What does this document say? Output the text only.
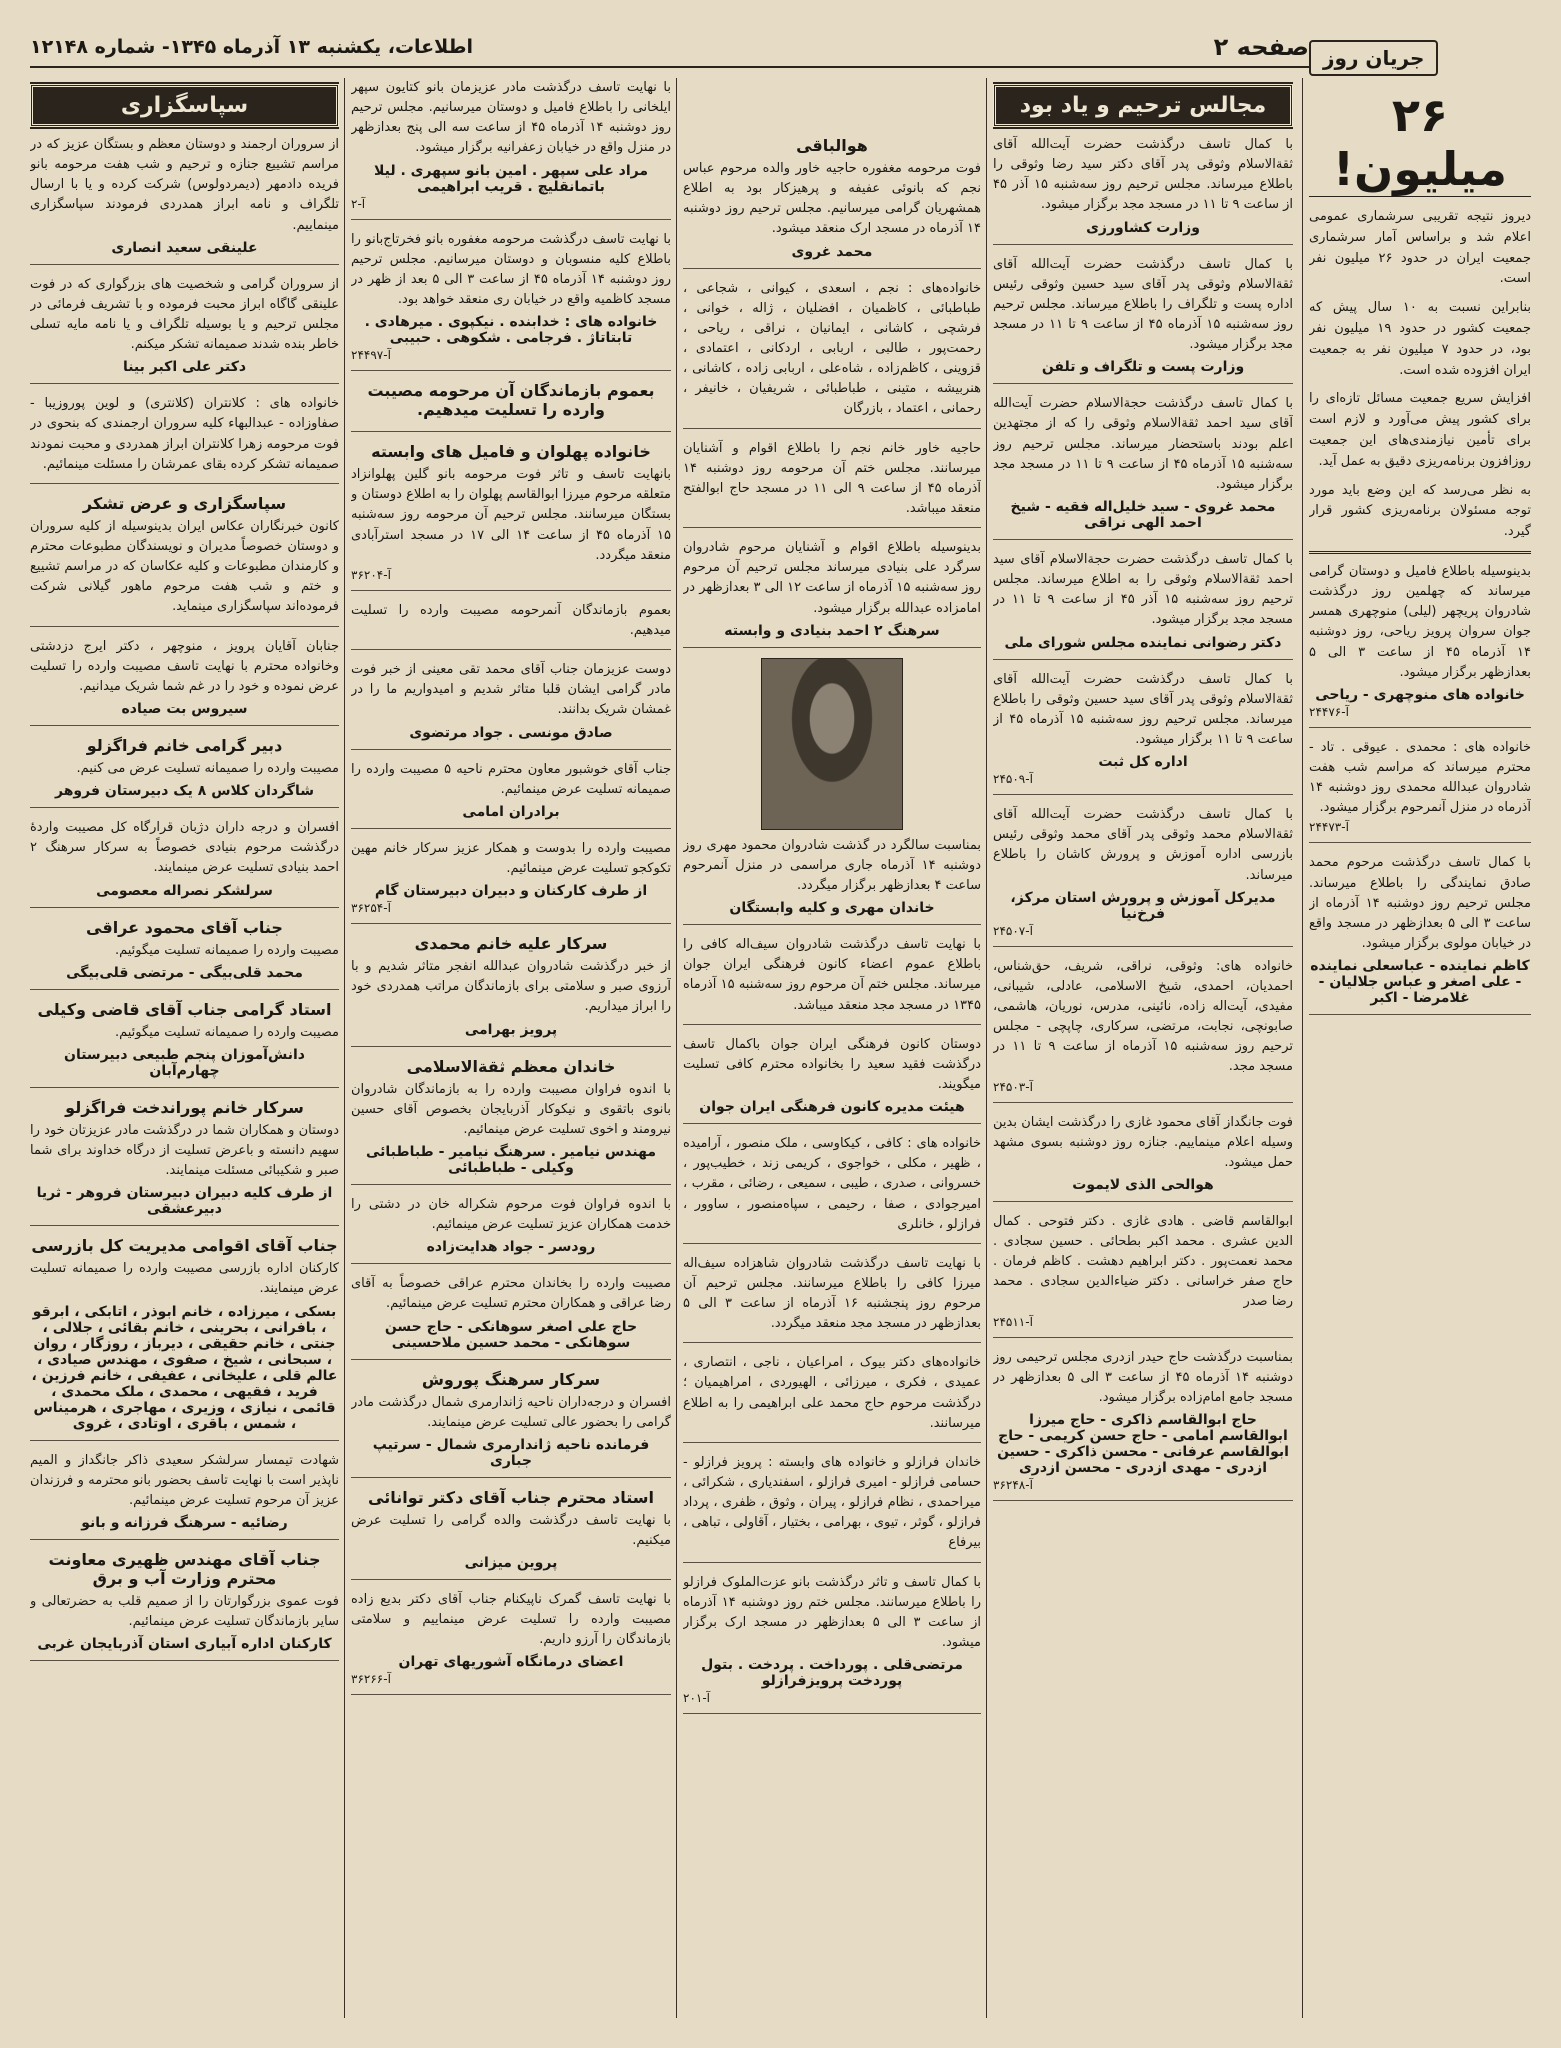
صفحه ۲
اطلاعات، یکشنبه ۱۳ آذرماه ۱۳۴۵- شماره ۱۲۱۴۸	جریان روز
۲۶ میلیون!

دیروز نتیجه تقریبی سرشماری عمومی اعلام شد و براساس آمار سرشماری جمعیت ایران در حدود ۲۶ میلیون نفر است.

بنابراین نسبت به ۱۰ سال پیش که جمعیت کشور در حدود ۱۹ میلیون نفر بود، در حدود ۷ میلیون نفر به جمعیت ایران افزوده شده است.

افزایش سریع جمعیت مسائل تازه‌ای را برای کشور پیش می‌آورد و لازم است برای تأمین نیازمندی‌های این جمعیت روزافزون برنامه‌ریزی دقیق به عمل آید.

به نظر می‌رسد که این وضع باید مورد توجه مسئولان برنامه‌ریزی کشور قرار گیرد.

بدینوسیله باطلاع فامیل و دوستان گرامی میرساند که چهلمین روز درگذشت شادروان پریچهر (لیلی) منوچهری همسر جوان سروان پرویز ریاحی، روز دوشنبه ۱۴ آذرماه ۴۵ از ساعت ۳ الی ۵ بعدازظهر برگزار میشود.

خانواده های منوچهری - ریاحی
آ-۲۴۴۷۶

خانواده های : محمدی . عیوقی . تاد - محترم میرساند که مراسم شب هفت شادروان عبدالله محمدی روز دوشنبه ۱۴ آذرماه در منزل آنمرحوم برگزار میشود.

آ-۲۴۴۷۳

با کمال تاسف درگذشت مرحوم محمد صادق نمایندگی را باطلاع میرساند. مجلس ترحیم روز دوشنبه ۱۴ آذرماه از ساعت ۳ الی ۵ بعدازظهر در مسجد واقع در خیابان مولوی برگزار میشود.

کاظم نماینده - عباسعلی نماینده - علی اصغر و عباس جلالیان - غلامرضا - اکبر
مجالس ترحیم و یاد بود

با کمال تاسف درگذشت حضرت آیت‌الله آقای ثقة‌الاسلام وثوقی پدر آقای دکتر سید رضا وثوقی را باطلاع میرساند. مجلس ترحیم روز سه‌شنبه ۱۵ آذر ۴۵ از ساعت ۹ تا ۱۱ در مسجد مجد برگزار میشود.

وزارت کشاورزی

با کمال تاسف درگذشت حضرت آیت‌الله آقای ثقة‌الاسلام وثوقی پدر آقای سید حسین وثوقی رئیس اداره پست و تلگراف را باطلاع میرساند. مجلس ترحیم روز سه‌شنبه ۱۵ آذرماه ۴۵ از ساعت ۹ تا ۱۱ در مسجد مجد برگزار میشود.

وزارت پست و تلگراف و تلفن

با کمال تاسف درگذشت حجة‌الاسلام حضرت آیت‌الله آقای سید احمد ثقة‌الاسلام وثوقی را که از مجتهدین اعلم بودند باستحضار میرساند. مجلس ترحیم روز سه‌شنبه ۱۵ آذرماه ۴۵ از ساعت ۹ تا ۱۱ در مسجد مجد برگزار میشود.

محمد غروی - سید خلیل‌اله فقیه - شیخ احمد الهی نراقی

با کمال تاسف درگذشت حضرت حجة‌الاسلام آقای سید احمد ثقة‌الاسلام وثوقی را به اطلاع میرساند. مجلس ترحیم روز سه‌شنبه ۱۵ آذر ۴۵ از ساعت ۹ تا ۱۱ در مسجد مجد برگزار میشود.

دکتر رضوانی نماینده مجلس شورای ملی

با کمال تاسف درگذشت حضرت آیت‌الله آقای ثقة‌الاسلام وثوقی پدر آقای سید حسین وثوقی را باطلاع میرساند. مجلس ترحیم روز سه‌شنبه ۱۵ آذرماه ۴۵ از ساعت ۹ تا ۱۱ برگزار میشود.

اداره کل ثبت
آ-۲۴۵۰۹

با کمال تاسف درگذشت حضرت آیت‌الله آقای ثقة‌الاسلام محمد وثوقی پدر آقای محمد وثوقی رئیس بازرسی اداره آموزش و پرورش کاشان را باطلاع میرساند.

مدیرکل آموزش و پرورش استان مرکز، فرخ‌نیا
آ-۲۴۵۰۷

خانواده های: وثوقی، نراقی، شریف، حق‌شناس، احمدیان، احمدی، شیخ الاسلامی، عادلی، شیبانی، مفیدی، آیت‌اله زاده، نائینی، مدرس، نوریان، هاشمی، صابونچی، نجابت، مرتضی، سرکاری، چاپچی - مجلس ترحیم روز سه‌شنبه ۱۵ آذرماه از ساعت ۹ تا ۱۱ در مسجد مجد.

آ-۲۴۵۰۳

فوت جانگداز آقای محمود غازی را درگذشت ایشان بدین وسیله اعلام مینماییم. جنازه روز دوشنبه بسوی مشهد حمل میشود.

هوالحی الذی لایموت

ابوالقاسم قاضی . هادی غازی . دکتر فتوحی . کمال الدین عشری . محمد اکبر بطحائی . حسین سجادی . محمد نعمت‌پور . دکتر ابراهیم دهشت . کاظم فرمان . حاج صفر خراسانی . دکتر ضیاءالدین سجادی . محمد رضا صدر

آ-۲۴۵۱۱

بمناسبت درگذشت حاج حیدر ازدری مجلس ترحیمی روز دوشنبه ۱۴ آذرماه ۴۵ از ساعت ۳ الی ۵ بعدازظهر در مسجد جامع امام‌زاده برگزار میشود.

حاج ابوالقاسم ذاکری - حاج میرزا ابوالقاسم امامی - حاج حسن کریمی - حاج ابوالقاسم عرفانی - محسن ذاکری - حسین ازدری - مهدی ازدری - محسن ازدری
آ-۳۶۲۴۸
هوالباقی

فوت مرحومه مغفوره حاجیه خاور والده مرحوم عباس نجم که بانوئی عفیفه و پرهیزکار بود به اطلاع همشهریان گرامی میرسانیم. مجلس ترحیم روز دوشنبه ۱۴ آذرماه در مسجد ارک منعقد میشود.

محمد غروی

خانواده‌های : نجم ، اسعدی ، کیوانی ، شجاعی ، طباطبائی ، کاظمیان ، افضلیان ، ژاله ، خوانی ، فرشچی ، کاشانی ، ایمانیان ، نراقی ، ریاحی ، رحمت‌پور ، طالبی ، اربابی ، اردکانی ، اعتمادی ، قزوینی ، کاظم‌زاده ، شاه‌علی ، اربابی زاده ، کاشانی ، هنربیشه ، متینی ، طباطبائی ، شریفیان ، خانیفر ، رحمانی ، اعتماد ، بازرگان

حاجیه خاور خانم نجم را باطلاع اقوام و آشنایان میرسانند. مجلس ختم آن مرحومه روز دوشنبه ۱۴ آذرماه ۴۵ از ساعت ۹ الی ۱۱ در مسجد حاج ابوالفتح منعقد میباشد.

بدینوسیله باطلاع اقوام و آشنایان مرحوم شادروان سرگرد علی بنیادی میرساند مجلس ترحیم آن مرحوم روز سه‌شنبه ۱۵ آذرماه از ساعت ۱۲ الی ۳ بعدازظهر در امامزاده عبدالله برگزار میشود.

سرهنگ ۲ احمد بنیادی و وابسته

بمناسبت سالگرد در گذشت شادروان محمود مهری روز دوشنبه ۱۴ آذرماه جاری مراسمی در منزل آنمرحوم ساعت ۴ بعدازظهر برگزار میگردد.

خاندان مهری و کلیه وابستگان

با نهایت تاسف درگذشت شادروان سیف‌اله کافی را باطلاع عموم اعضاء کانون فرهنگی ایران جوان میرساند. مجلس ختم آن مرحوم روز سه‌شنبه ۱۵ آذرماه ۱۳۴۵ در مسجد مجد منعقد میباشد.

دوستان کانون فرهنگی ایران جوان باکمال تاسف درگذشت فقید سعید را بخانواده محترم کافی تسلیت میگویند.

هیئت مدیره کانون فرهنگی ایران جوان

خانواده های : کافی ، کیکاوسی ، ملک منصور ، آرامیده ، ظهیر ، مکلی ، خواجوی ، کریمی زند ، خطیب‌پور ، خسروانی ، صدری ، طیبی ، سمیعی ، رضائی ، مقرب ، امیرجوادی ، صفا ، رحیمی ، سپاه‌منصور ، ساوور ، فرازلو ، خانلری

با نهایت تاسف درگذشت شادروان شاهزاده سیف‌اله میرزا کافی را باطلاع میرسانند. مجلس ترحیم آن مرحوم روز پنجشنبه ۱۶ آذرماه از ساعت ۳ الی ۵ بعدازظهر در مسجد مجد منعقد میگردد.

خانواده‌های دکتر بیوک ، امراعیان ، ناجی ، انتصاری ، عمیدی ، فکری ، میرزائی ، الهیوردی ، امراهیمیان ؛ درگذشت مرحوم حاج محمد علی ابراهیمی را به اطلاع میرسانند.

خاندان فرازلو و خانواده های وابسته : پرویز فرازلو - حسامی فرازلو - امیری فرازلو ، اسفندیاری ، شکرائی ، میراحمدی ، نظام فرازلو ، پیران ، وثوق ، ظفری ، پرداد فرازلو ، گوثر ، تیوی ، بهرامی ، بختیار ، آقاولی ، تباهی ، بیرفاع

با کمال تاسف و تاثر درگذشت بانو عزت‌الملوک فرازلو را باطلاع میرسانند. مجلس ختم روز دوشنبه ۱۴ آذرماه از ساعت ۳ الی ۵ بعدازظهر در مسجد ارک برگزار میشود.

مرتضی‌قلی . پورداخت . پردخت . بتول پوردخت پرویزفرازلو
آ-۲۰۱

با نهایت تاسف درگذشت مادر عزیزمان بانو کتایون سپهر ایلخانی را باطلاع فامیل و دوستان میرسانیم. مجلس ترحیم روز دوشنبه ۱۴ آذرماه ۴۵ از ساعت سه الی پنج بعدازظهر در منزل واقع در خیابان زعفرانیه برگزار میشود.

مراد علی سپهر . امین بانو سپهری . لیلا باتمانقلیچ . قریب ابراهیمی
آ-۲

با نهایت تاسف درگذشت مرحومه مغفوره بانو فخرتاج‌بانو را باطلاع کلیه منسوبان و دوستان میرسانیم. مجلس ترحیم روز دوشنبه ۱۴ آذرماه ۴۵ از ساعت ۳ الی ۵ بعد از ظهر در مسجد کاظمیه واقع در خیابان ری منعقد خواهد بود.

خانواده های : خدابنده . نیکپوی . میرهادی . تابتاتاژ . فرجامی . شکوهی . حبیبی
آ-۲۴۴۹۷
بعموم بازماندگان آن مرحومه مصیبت وارده را تسلیت میدهیم.
خانواده پهلوان و فامیل های وابسته

بانهایت تاسف و تاثر فوت مرحومه بانو گلین پهلوانزاد متعلقه مرحوم میرزا ابوالقاسم پهلوان را به اطلاع دوستان و بستگان میرسانند. مجلس ترحیم آن مرحومه روز سه‌شنبه ۱۵ آذرماه ۴۵ از ساعت ۱۴ الی ۱۷ در مسجد استرآبادی منعقد میگردد.

آ-۳۶۲۰۴

بعموم بازماندگان آنمرحومه مصیبت وارده را تسلیت میدهیم.

دوست عزیزمان جناب آقای محمد تقی معینی از خبر فوت مادر گرامی ایشان قلبا متاثر شدیم و امیدواریم ما را در غمشان شریک بدانند.

صادق مونسی . جواد مرتضوی

جناب آقای خوشبور معاون محترم ناحیه ۵ مصیبت وارده را صمیمانه تسلیت عرض مینمائیم.

برادران امامی

مصیبت وارده را بدوست و همکار عزیز سرکار خانم مهین تکوکجو تسلیت عرض مینمائیم.

از طرف کارکنان و دبیران دبیرستان گام
آ-۳۶۲۵۴
سرکار علیه خانم محمدی

از خبر درگذشت شادروان عبدالله انفجر متاثر شدیم و با آرزوی صبر و سلامتی برای بازماندگان مراتب همدردی خود را ابراز میداریم.

پرویز بهرامی
خاندان معظم ثقة‌الاسلامی

با اندوه فراوان مصیبت وارده را به بازماندگان شادروان بانوی باتقوی و نیکوکار آذربایجان بخصوص آقای حسین نیرومند و اخوی تسلیت عرض مینمائیم.

مهندس نیامیر . سرهنگ نیامیر - طباطبائی وکیلی - طباطبائی

با اندوه فراوان فوت مرحوم شکراله خان در دشتی را خدمت همکاران عزیز تسلیت عرض مینمائیم.

رودسر - جواد هدایت‌زاده

مصیبت وارده را بخاندان محترم عراقی خصوصاً به آقای رضا عراقی و همکاران محترم تسلیت عرض مینمائیم.

حاج علی اصغر سوهانکی - حاج حسن سوهانکی - محمد حسین ملاحسینی
سرکار سرهنگ پوروش

افسران و درجه‌داران ناحیه ژاندارمری شمال درگذشت مادر گرامی را بحضور عالی تسلیت عرض مینمایند.

فرمانده ناحیه ژاندارمری شمال - سرتیپ جباری
استاد محترم جناب آقای دکتر توانائی

با نهایت تاسف درگذشت والده گرامی را تسلیت عرض میکنیم.

پروین میزانی

با نهایت تاسف گمرک ناپیکنام جناب آقای دکتر بدیع زاده مصیبت وارده را تسلیت عرض مینماییم و سلامتی بازماندگان را آرزو داریم.

اعضای درمانگاه آشوریهای تهران
آ-۳۶۲۶۶
سپاسگزاری

از سروران ارجمند و دوستان معظم و بستگان عزیز که در مراسم تشییع جنازه و ترحیم و شب هفت مرحومه بانو فریده دادمهر (دیمردولوس) شرکت کرده و یا با ارسال تلگراف و نامه ابراز همدردی فرمودند سپاسگزاری مینماییم.

علینقی سعید انصاری

از سروران گرامی و شخصیت های بزرگواری که در فوت علینقی گاگاه ابراز محبت فرموده و با تشریف فرمائی در مجلس ترحیم و یا بوسیله تلگراف و یا نامه مایه تسلی خاطر بنده شدند صمیمانه تشکر میکنم.

دکتر علی اکبر بینا

خانواده های : کلانتران (کلانتری) و لوین پوروزیبا - صفاوزاده - عبدالبهاء کلیه سروران ارجمندی که بنحوی در فوت مرحومه زهرا کلانتران ابراز همدردی و محبت نمودند صمیمانه تشکر کرده بقای عمرشان را مسئلت مینمائیم.

سپاسگزاری و عرض تشکر

کانون خبرنگاران عکاس ایران بدینوسیله از کلیه سروران و دوستان خصوصاً مدیران و نویسندگان مطبوعات محترم و کارمندان مطبوعات و کلیه عکاسان که در مراسم تشییع و ختم و شب هفت مرحوم ماهور گیلانی شرکت فرموده‌اند سپاسگزاری مینماید.

جنابان آقایان پرویز ، منوچهر ، دکتر ایرج دزدشتی وخانواده محترم با نهایت تاسف مصیبت وارده را تسلیت عرض نموده و خود را در غم شما شریک میدانیم.

سیروس بت صیاده
دبیر گرامی خانم فراگزلو

مصیبت وارده را صمیمانه تسلیت عرض می کنیم.

شاگردان کلاس ۸ یک دبیرستان فروهر

افسران و درجه داران دژبان قرارگاه کل مصیبت واردهٔ درگذشت مرحوم بنیادی خصوصاً به سرکار سرهنگ ۲ احمد بنیادی تسلیت عرض مینمایند.

سرلشکر نصراله معصومی
جناب آقای محمود عراقی

مصیبت وارده را صمیمانه تسلیت میگوئیم.

محمد قلی‌بیگی - مرتضی قلی‌بیگی
استاد گرامی جناب آقای قاضی وکیلی

مصیبت وارده را صمیمانه تسلیت میگوئیم.

دانش‌آموزان پنجم طبیعی دبیرستان چهارم‌آبان
سرکار خانم پوراندخت فراگزلو

دوستان و همکاران شما در درگذشت مادر عزیزتان خود را سهیم دانسته و باعرض تسلیت از درگاه خداوند برای شما صبر و شکیبائی مسئلت مینمایند.

از طرف کلیه دبیران دبیرستان فروهر - ثریا دبیرعشقی
جناب آقای اقوامی مدیریت کل بازرسی

کارکنان اداره بازرسی مصیبت وارده را صمیمانه تسلیت عرض مینمایند.

بسکی ، میرزاده ، خانم ابوذر ، اتابکی ، ابرقو ، بافرانی ، بحرینی ، خانم بقائی ، جلالی ، جنتی ، خانم حقیقی ، دیرباز ، روزگار ، روان ، سبحانی ، شیخ ، صفوی ، مهندس صیادی ، عالم قلی ، علیخانی ، عفیفی ، خانم فرزین ، فرید ، فقیهی ، محمدی ، ملک محمدی ، قائمی ، نیازی ، وزیری ، مهاجری ، هرمیناس ، شمس ، باقری ، اوتادی ، غروی

شهادت تیمسار سرلشکر سعیدی ذاکر جانگداز و المیم ناپذیر است با نهایت تاسف بحضور بانو محترمه و فرزندان عزیز آن مرحوم تسلیت عرض مینمائیم.

رضائیه - سرهنگ فرزانه و بانو
جناب آقای مهندس ظهیری معاونت محترم وزارت آب و برق

فوت عموی بزرگوارتان را از صمیم قلب به حضرتعالی و سایر بازماندگان تسلیت عرض مینمائیم.

کارکنان اداره آبیاری استان آذربایجان غربی
